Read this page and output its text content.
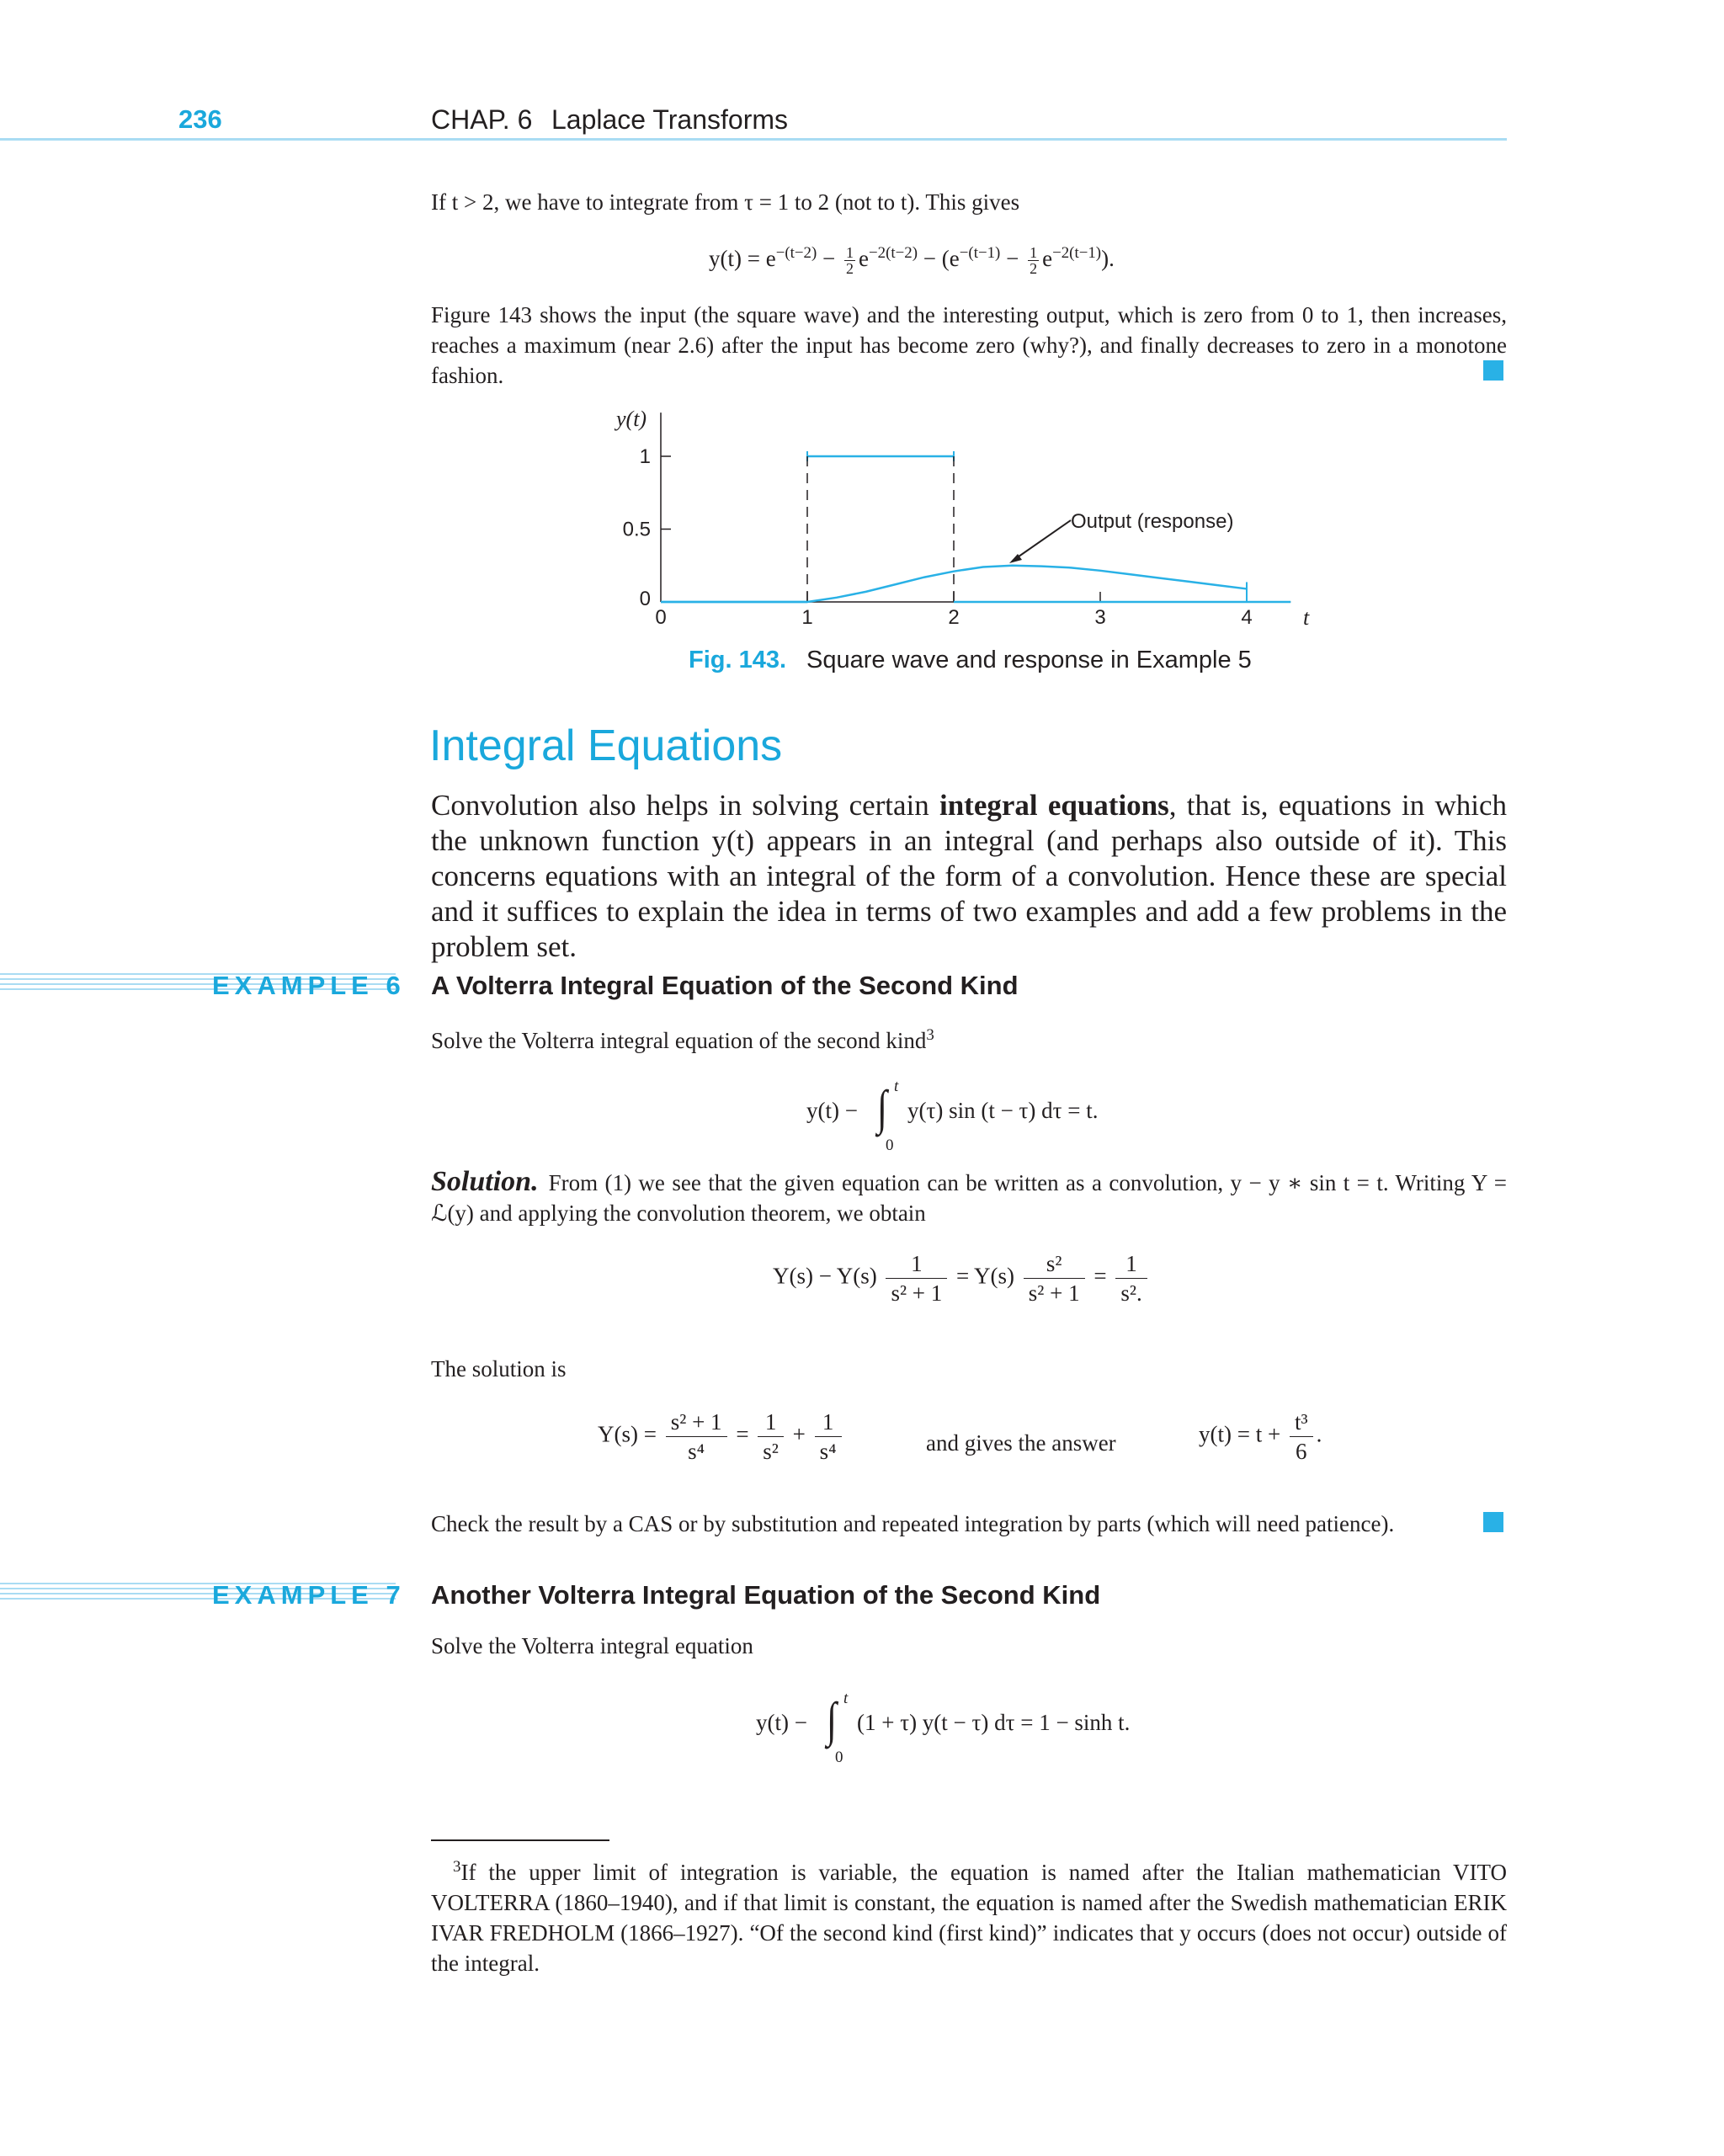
236	CHAP. 6 Laplace Transforms
If t > 2, we have to integrate from τ = 1 to 2 (not to t). This gives
$y(t) = e^{-(t-2)} - \frac{1}{2} e^{-2(t-2)} - (e^{-(t-1)} - \frac{1}{2} e^{-2(t-1)})$.
Figure 143 shows the input (the square wave) and the interesting output, which is zero from 0 to 1, then increases, reaches a maximum (near 2.6) after the input has become zero (why?), and finally decreases to zero in a monotone fashion.
y(t)
0
0.5
1
0	1	2	3	4 t
Output (response)
Fig. 143. Square wave and response in Example 5
Integral Equations
Convolution also helps in solving certain integral equations, that is, equations in which the unknown function y(t) appears in an integral (and perhaps also outside of it). This concerns equations with an integral of the form of a convolution. Hence these are special and it suffices to explain the idea in terms of two examples and add a few problems in the problem set.
EXAMPLE 6 A Volterra Integral Equation of the Second Kind
Solve the Volterra integral equation of the second kind$^3$
y(t) − ∫ t
0
y(τ) sin (t − τ) dτ = t.
Solution. From (1) we see that the given equation can be written as a convolution, y − y ∗ sin t = t. Writing Y = ℒ(y) and applying the convolution theorem, we obtain
$Y(s) - Y(s) \frac{1}{\text{s² + 1}} = Y(s) \frac{\text{s²}}{\text{s² + 1}} = \frac{1}{\text{s².}}$
The solution is
$Y(s) = \frac{\text{s² + 1}}{\text{s⁴}} = \frac{1}{\text{s²}} + \frac{1}{\text{s⁴}}$	and gives the answer	$y(t) = t + \frac{\text{t³}}{6}$ .
Check the result by a CAS or by substitution and repeated integration by parts (which will need patience).
EXAMPLE 7 Another Volterra Integral Equation of the Second Kind
Solve the Volterra integral equation
y(t) − ∫ t
0
(1 + τ) y(t − τ) dτ = 1 − sinh t.
$^3$If the upper limit of integration is variable, the equation is named after the Italian mathematician VITO VOLTERRA (1860–1940), and if that limit is constant, the equation is named after the Swedish mathematician ERIK IVAR FREDHOLM (1866–1927). “Of the second kind (first kind)” indicates that y occurs (does not occur) outside of the integral.
